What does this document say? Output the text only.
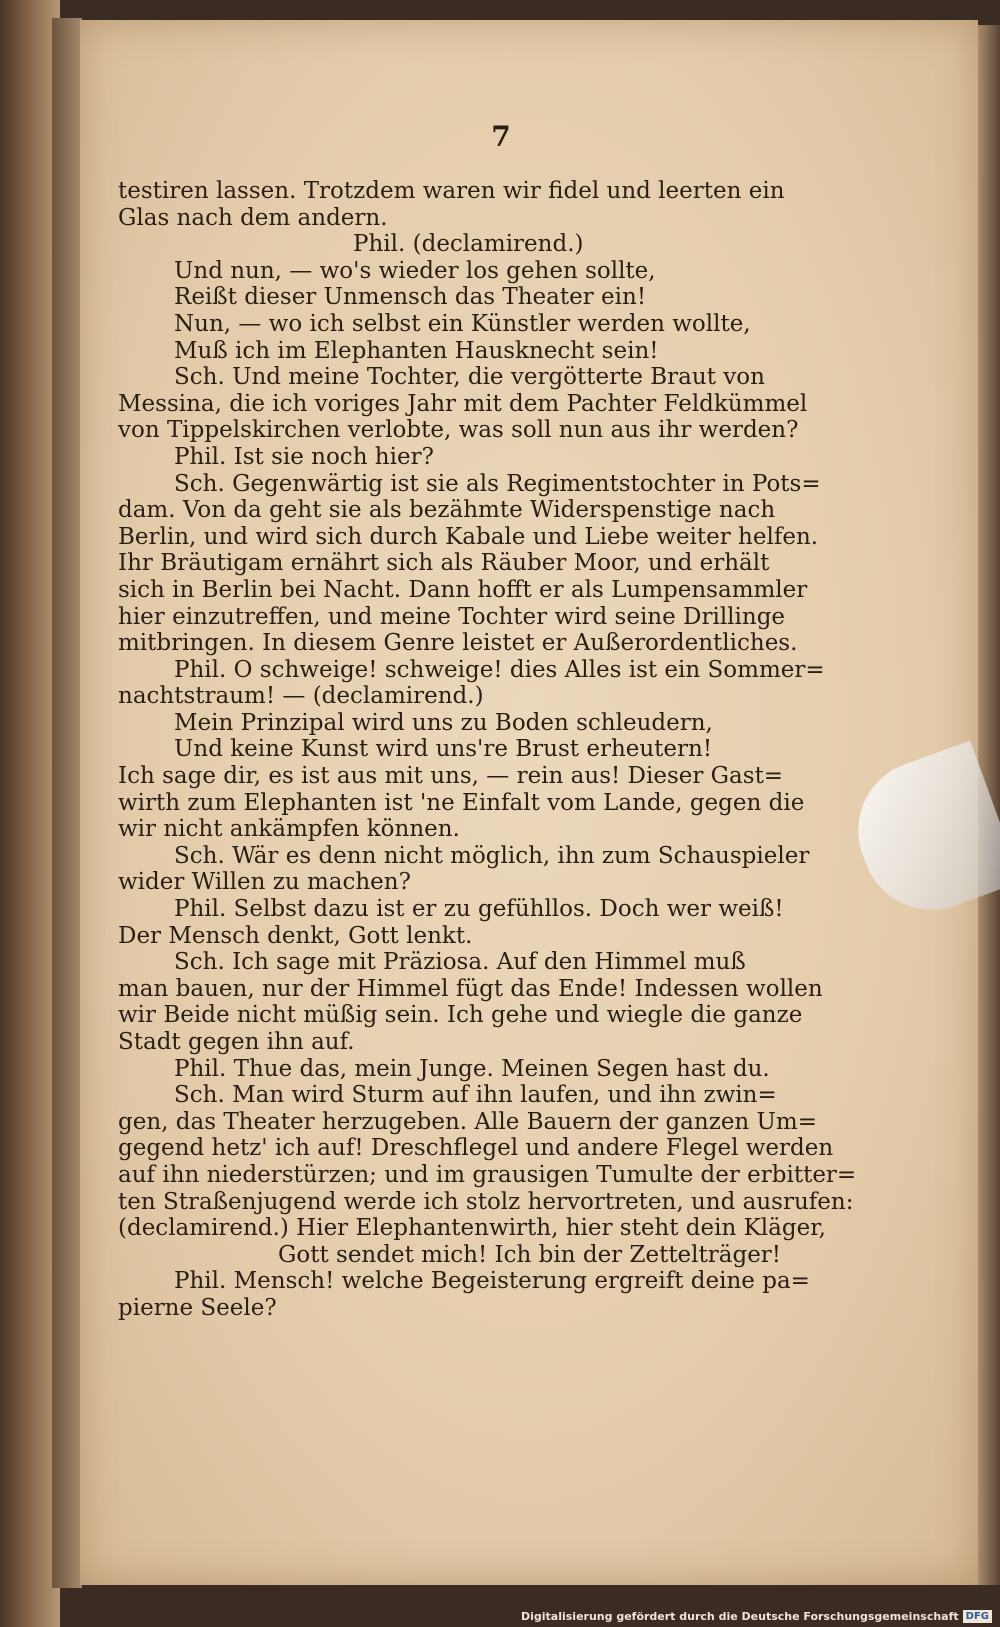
7
testiren lassen. Trotzdem waren wir fidel und leerten ein
Glas nach dem andern.
Phil. (declamirend.)
Und nun, — wo's wieder los gehen sollte,
Reißt dieser Unmensch das Theater ein!
Nun, — wo ich selbst ein Künstler werden wollte,
Muß ich im Elephanten Hausknecht sein!
Sch. Und meine Tochter, die vergötterte Braut von
Messina, die ich voriges Jahr mit dem Pachter Feldkümmel
von Tippelskirchen verlobte, was soll nun aus ihr werden?
Phil. Ist sie noch hier?
Sch. Gegenwärtig ist sie als Regimentstochter in Pots=
dam. Von da geht sie als bezähmte Widerspenstige nach
Berlin, und wird sich durch Kabale und Liebe weiter helfen.
Ihr Bräutigam ernährt sich als Räuber Moor, und erhält
sich in Berlin bei Nacht. Dann hofft er als Lumpensammler
hier einzutreffen, und meine Tochter wird seine Drillinge
mitbringen. In diesem Genre leistet er Außerordentliches.
Phil. O schweige! schweige! dies Alles ist ein Sommer=
nachtstraum! — (declamirend.)
Mein Prinzipal wird uns zu Boden schleudern,
Und keine Kunst wird uns're Brust erheutern!
Ich sage dir, es ist aus mit uns, — rein aus! Dieser Gast=
wirth zum Elephanten ist 'ne Einfalt vom Lande, gegen die
wir nicht ankämpfen können.
Sch. Wär es denn nicht möglich, ihn zum Schauspieler
wider Willen zu machen?
Phil. Selbst dazu ist er zu gefühllos. Doch wer weiß!
Der Mensch denkt, Gott lenkt.
Sch. Ich sage mit Präziosa. Auf den Himmel muß
man bauen, nur der Himmel fügt das Ende! Indessen wollen
wir Beide nicht müßig sein. Ich gehe und wiegle die ganze
Stadt gegen ihn auf.
Phil. Thue das, mein Junge. Meinen Segen hast du.
Sch. Man wird Sturm auf ihn laufen, und ihn zwin=
gen, das Theater herzugeben. Alle Bauern der ganzen Um=
gegend hetz' ich auf! Dreschflegel und andere Flegel werden
auf ihn niederstürzen; und im grausigen Tumulte der erbitter=
ten Straßenjugend werde ich stolz hervortreten, und ausrufen:
(declamirend.) Hier Elephantenwirth, hier steht dein Kläger,
Gott sendet mich! Ich bin der Zettelträger!
Phil. Mensch! welche Begeisterung ergreift deine pa=
pierne Seele?
Digitalisierung gefördert durch die Deutsche Forschungsgemeinschaft DFG
